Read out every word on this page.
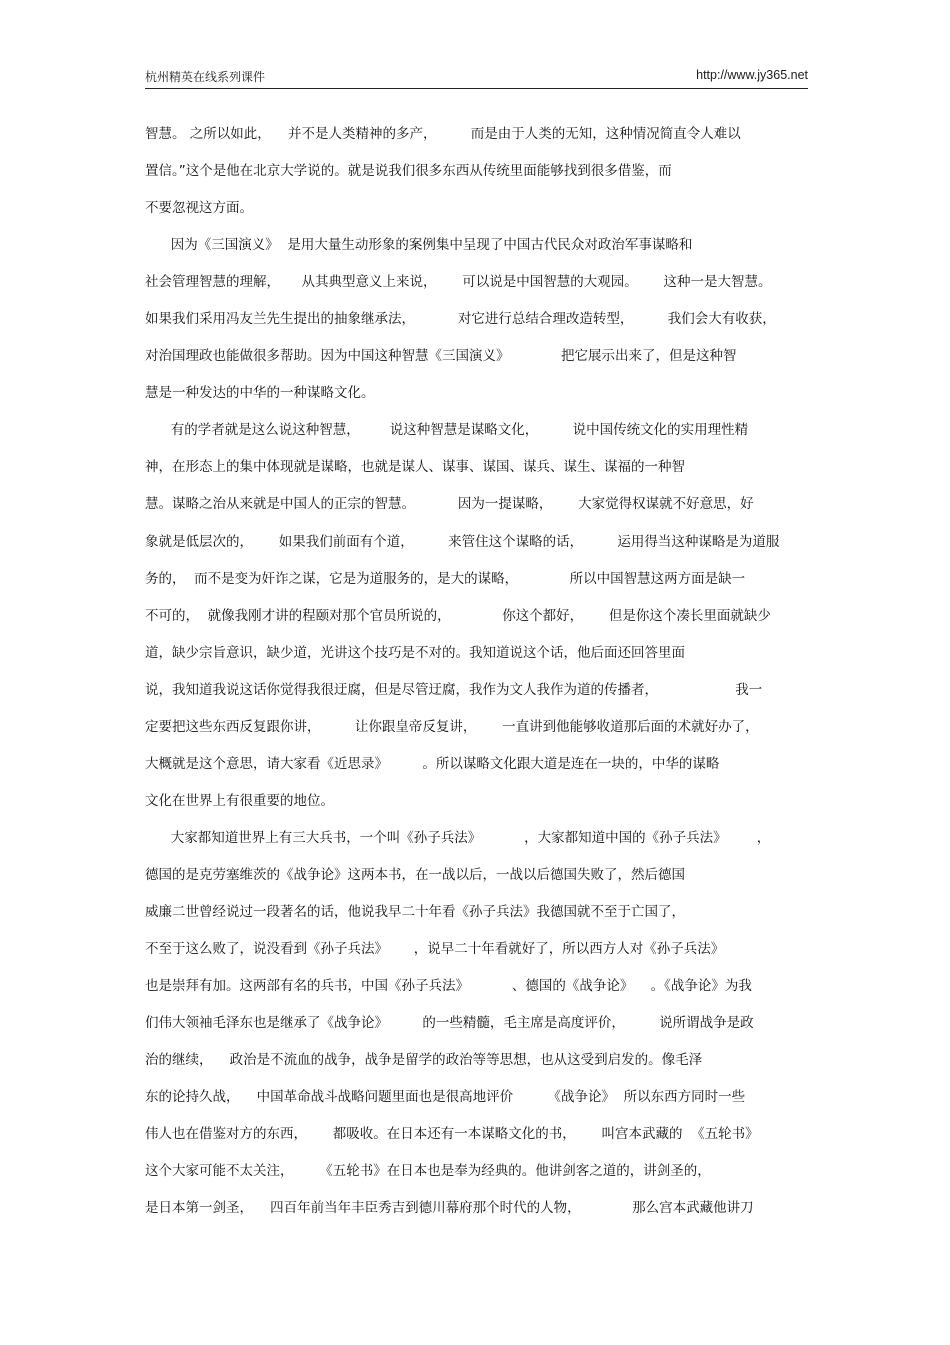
杭州精英在线系列课件	http://www.jy365.net
智慧。 之所以如此，    并不是人类精神的多产，        而是由于人类的无知，这种情况简直令人难以
置信。”这个是他在北京大学说的。就是说我们很多东西从传统里面能够找到很多借鉴，而
不要忽视这方面。
因为《三国演义》  是用大量生动形象的案例集中呈现了中国古代民众对政治军事谋略和
社会管理智慧的理解，     从其典型意义上来说，      可以说是中国智慧的大观园。      这种一是大智慧。
如果我们采用冯友兰先生提出的抽象继承法，          对它进行总结合理改造转型，        我们会大有收获，
对治国理政也能做很多帮助。因为中国这种智慧《三国演义》            把它展示出来了，但是这种智
慧是一种发达的中华的一种谋略文化。
有的学者就是这么说这种智慧，       说这种智慧是谋略文化，        说中国传统文化的实用理性精
神，在形态上的集中体现就是谋略，也就是谋人、谋事、谋国、谋兵、谋生、谋福的一种智
慧。谋略之治从来就是中国人的正宗的智慧。          因为一提谋略，      大家觉得权谋就不好意思，好
象就是低层次的，      如果我们前面有个道，        来管住这个谋略的话，        运用得当这种谋略是为道服
务的，  而不是变为奸诈之谋，它是为道服务的，是大的谋略，            所以中国智慧这两方面是缺一
不可的，  就像我刚才讲的程颐对那个官员所说的，            你这个都好，      但是你这个凑长里面就缺少
道，缺少宗旨意识，缺少道，光讲这个技巧是不对的。我知道说这个话，他后面还回答里面
说，我知道我说这话你觉得我很迂腐，但是尽管迂腐，我作为文人我作为道的传播者，                  我一
定要把这些东西反复跟你讲，        让你跟皇帝反复讲，      一直讲到他能够收道那后面的术就好办了，
大概就是这个意思，请大家看《近思录》        。所以谋略文化跟大道是连在一块的，中华的谋略
文化在世界上有很重要的地位。
大家都知道世界上有三大兵书，一个叫《孙子兵法》          ，大家都知道中国的《孙子兵法》       ，
德国的是克劳塞维茨的《战争论》这两本书，在一战以后，一战以后德国失败了，然后德国
威廉二世曾经说过一段著名的话，他说我早二十年看《孙子兵法》我德国就不至于亡国了，
不至于这么败了，说没看到《孙子兵法》      ，说早二十年看就好了，所以西方人对《孙子兵法》
也是崇拜有加。这两部有名的兵书，中国《孙子兵法》          、德国的《战争论》    。《战争论》为我
们伟大领袖毛泽东也是继承了《战争论》        的一些精髓，毛主席是高度评价，        说所谓战争是政
治的继续，    政治是不流血的战争，战争是留学的政治等等思想，也从这受到启发的。像毛泽
东的论持久战，    中国革命战斗战略问题里面也是很高地评价        《战争论》  所以东西方同时一些
伟人也在借鉴对方的东西，      都吸收。在日本还有一本谋略文化的书，      叫宫本武藏的  《五轮书》
这个大家可能不太关注，      《五轮书》在日本也是奉为经典的。他讲剑客之道的，讲剑圣的，
是日本第一剑圣，    四百年前当年丰臣秀吉到德川幕府那个时代的人物，            那么宫本武藏他讲刀
